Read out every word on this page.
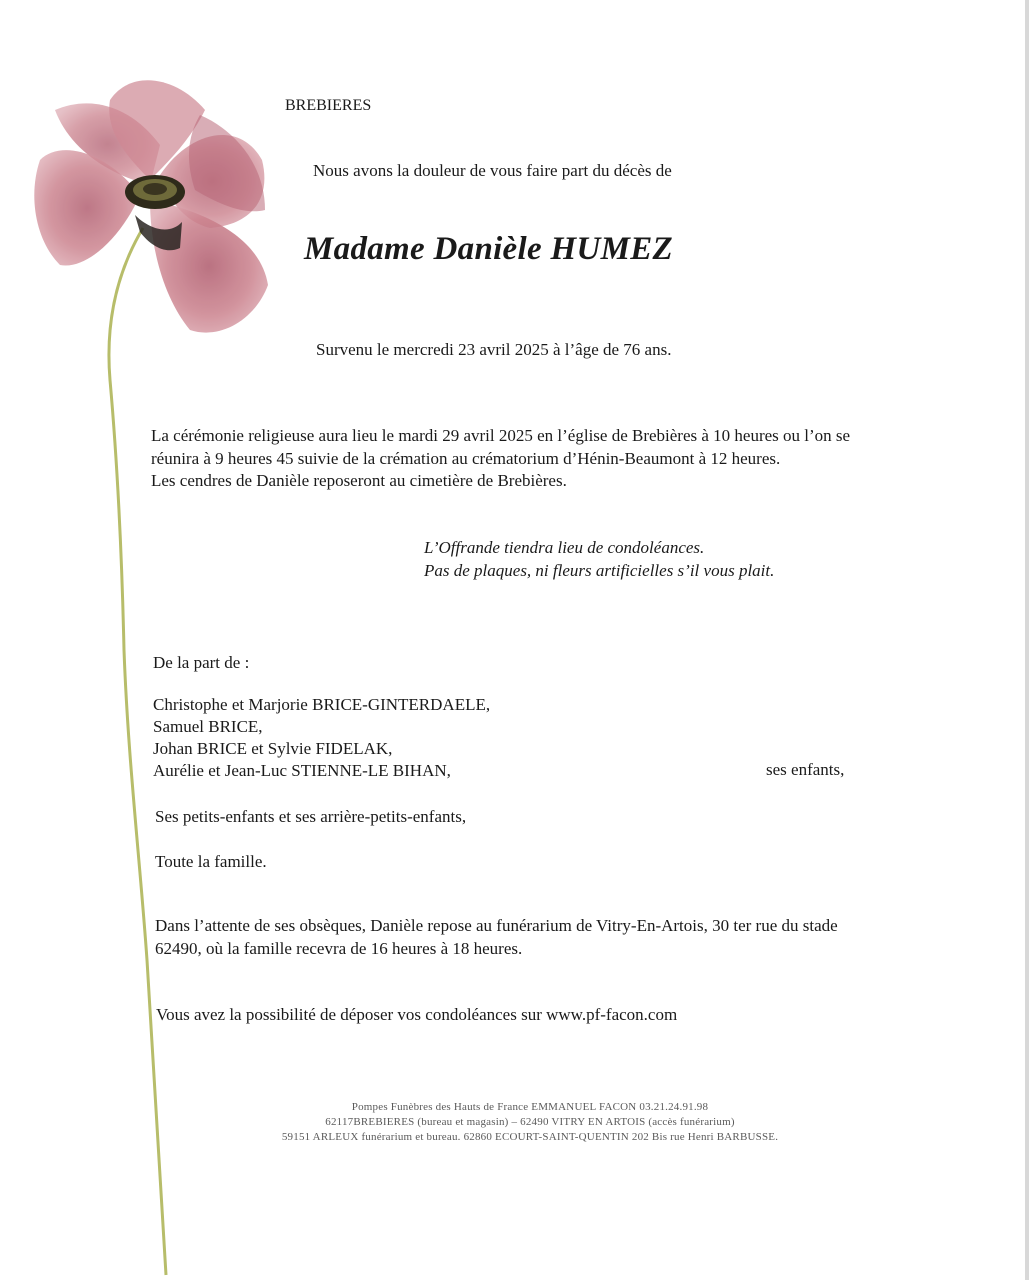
BREBIERES
Nous avons la douleur de vous faire part du décès de
Madame Danièle HUMEZ
Survenu le mercredi 23 avril 2025 à l’âge de 76 ans.
La cérémonie religieuse aura lieu le mardi 29 avril 2025 en l’église de Brebières à 10 heures ou l’on se
réunira à 9 heures 45 suivie de la crémation au crématorium d’Hénin-Beaumont à 12 heures.
Les cendres de Danièle reposeront au cimetière de Brebières.
L’Offrande tiendra lieu de condoléances.
Pas de plaques, ni fleurs artificielles s’il vous plait.
De la part de :
Christophe et Marjorie BRICE-GINTERDAELE,
Samuel BRICE,
Johan BRICE et Sylvie FIDELAK,
Aurélie et Jean-Luc STIENNE-LE BIHAN,	ses enfants,
Ses petits-enfants et ses arrière-petits-enfants,
Toute la famille.
Dans l’attente de ses obsèques, Danièle repose au funérarium de Vitry-En-Artois, 30 ter rue du stade
62490, où la famille recevra de 16 heures à 18 heures.
Vous avez la possibilité de déposer vos condoléances sur www.pf-facon.com
Pompes Funèbres des Hauts de France EMMANUEL FACON 03.21.24.91.98
62117BREBIERES (bureau et magasin) – 62490 VITRY EN ARTOIS (accès funérarium)
59151 ARLEUX funérarium et bureau. 62860 ECOURT-SAINT-QUENTIN 202 Bis rue Henri BARBUSSE.
